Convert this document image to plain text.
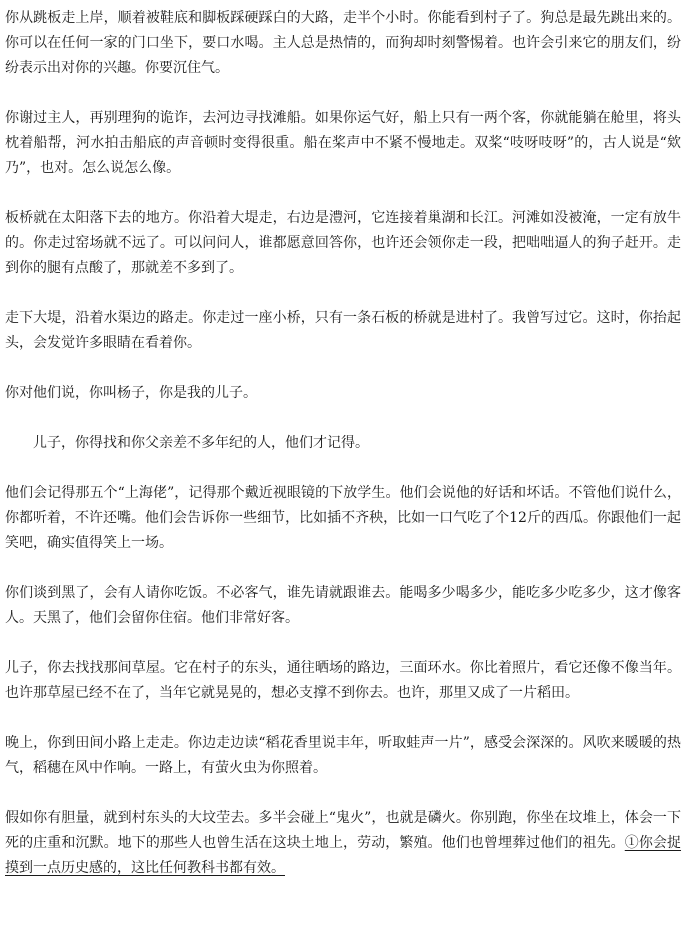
你从跳板走上岸，顺着被鞋底和脚板踩硬踩白的大路，走半个小时。你能看到村子了。狗总是最先跳出来的。你可以在任何一家的门口坐下，要口水喝。主人总是热情的，而狗却时刻警惕着。也许会引来它的朋友们，纷纷表示出对你的兴趣。你要沉住气。

你谢过主人，再别理狗的诡诈，去河边寻找滩船。如果你运气好，船上只有一两个客，你就能躺在舱里，将头枕着船帮，河水拍击船底的声音顿时变得很重。船在桨声中不紧不慢地走。双桨“吱呀吱呀”的，古人说是“欸乃”，也对。怎么说怎么像。

板桥就在太阳落下去的地方。你沿着大堤走，右边是澧河，它连接着巢湖和长江。河滩如没被淹，一定有放牛的。你走过窑场就不远了。可以问问人，谁都愿意回答你，也许还会领你走一段，把咄咄逼人的狗子赶开。走到你的腿有点酸了，那就差不多到了。

走下大堤，沿着水渠边的路走。你走过一座小桥，只有一条石板的桥就是进村了。我曾写过它。这时，你抬起头，会发觉许多眼睛在看着你。

你对他们说，你叫杨子，你是我的儿子。

儿子，你得找和你父亲差不多年纪的人，他们才记得。

他们会记得那五个“上海佬”，记得那个戴近视眼镜的下放学生。他们会说他的好话和坏话。不管他们说什么，你都听着，不许还嘴。他们会告诉你一些细节，比如插不齐秧，比如一口气吃了个12斤的西瓜。你跟他们一起笑吧，确实值得笑上一场。

你们谈到黑了，会有人请你吃饭。不必客气，谁先请就跟谁去。能喝多少喝多少，能吃多少吃多少，这才像客人。天黑了，他们会留你住宿。他们非常好客。

儿子，你去找找那间草屋。它在村子的东头，通往晒场的路边，三面环水。你比着照片，看它还像不像当年。也许那草屋已经不在了，当年它就晃晃的，想必支撑不到你去。也许，那里又成了一片稻田。

晚上，你到田间小路上走走。你边走边读“稻花香里说丰年，听取蛙声一片”，感受会深深的。风吹来暖暖的热气，稻穗在风中作响。一路上，有萤火虫为你照着。

假如你有胆量，就到村东头的大坟茔去。多半会碰上“鬼火”，也就是磷火。你别跑，你坐在坟堆上，体会一下死的庄重和沉默。地下的那些人也曾生活在这块土地上，劳动，繁殖。他们也曾埋葬过他们的祖先。①你会捉摸到一点历史感的，这比任何教科书都有效。
